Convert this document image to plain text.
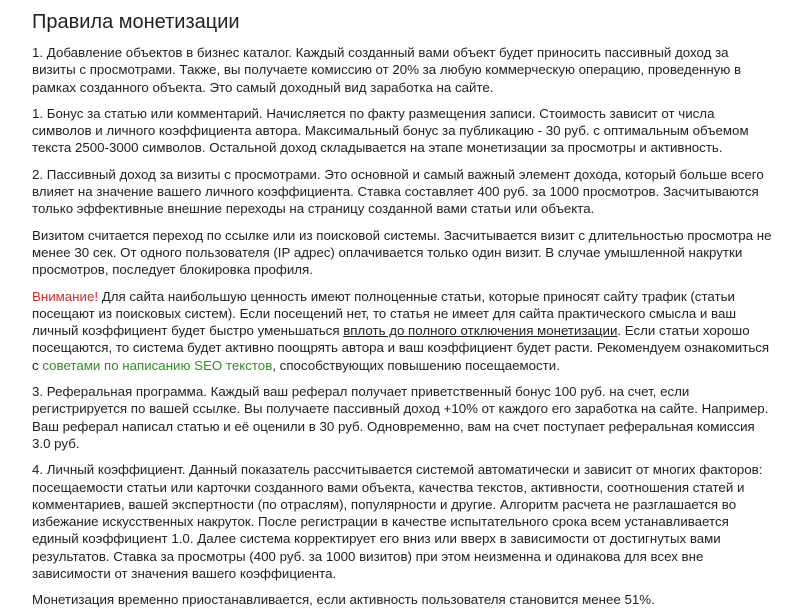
Правила монетизации

1. Добавление объектов в бизнес каталог. Каждый созданный вами объект будет приносить пассивный доход за визиты с просмотрами. Также, вы получаете комиссию от 20% за любую коммерческую операцию, проведенную в рамках созданного объекта. Это самый доходный вид заработка на сайте.

1. Бонус за статью или комментарий. Начисляется по факту размещения записи. Стоимость зависит от числа символов и личного коэффициента автора. Максимальный бонус за публикацию - 30 руб. с оптимальным объемом текста 2500-3000 символов. Остальной доход складывается на этапе монетизации за просмотры и активность.

2. Пассивный доход за визиты с просмотрами. Это основной и самый важный элемент дохода, который больше всего влияет на значение вашего личного коэффициента. Ставка составляет 400 руб. за 1000 просмотров. Засчитываются только эффективные внешние переходы на страницу созданной вами статьи или объекта.

Визитом считается переход по ссылке или из поисковой системы. Засчитывается визит с длительностью просмотра не менее 30 сек. От одного пользователя (IP адрес) оплачивается только один визит. В случае умышленной накрутки просмотров, последует блокировка профиля.

Внимание! Для сайта наибольшую ценность имеют полноценные статьи, которые приносят сайту трафик (статьи посещают из поисковых систем). Если посещений нет, то статья не имеет для сайта практического смысла и ваш личный коэффициент будет быстро уменьшаться вплоть до полного отключения монетизации. Если статьи хорошо посещаются, то система будет активно поощрять автора и ваш коэффициент будет расти. Рекомендуем ознакомиться с советами по написанию SEO текстов, способствующих повышению посещаемости.

3. Реферальная программа. Каждый ваш реферал получает приветственный бонус 100 руб. на счет, если регистрируется по вашей ссылке. Вы получаете пассивный доход +10% от каждого его заработка на сайте. Например. Ваш реферал написал статью и её оценили в 30 руб. Одновременно, вам на счет поступает реферальная комиссия 3.0 руб.

4. Личный коэффициент. Данный показатель рассчитывается системой автоматически и зависит от многих факторов: посещаемости статьи или карточки созданного вами объекта, качества текстов, активности, соотношения статей и комментариев, вашей экспертности (по отраслям), популярности и другие. Алгоритм расчета не разглашается во избежание искусственных накруток. После регистрации в качестве испытательного срока всем устанавливается единый коэффициент 1.0. Далее система корректирует его вниз или вверх в зависимости от достигнутых вами результатов. Ставка за просмотры (400 руб. за 1000 визитов) при этом неизменна и одинакова для всех вне зависимости от значения вашего коэффициента.

Монетизация временно приостанавливается, если активность пользователя становится менее 51%.
